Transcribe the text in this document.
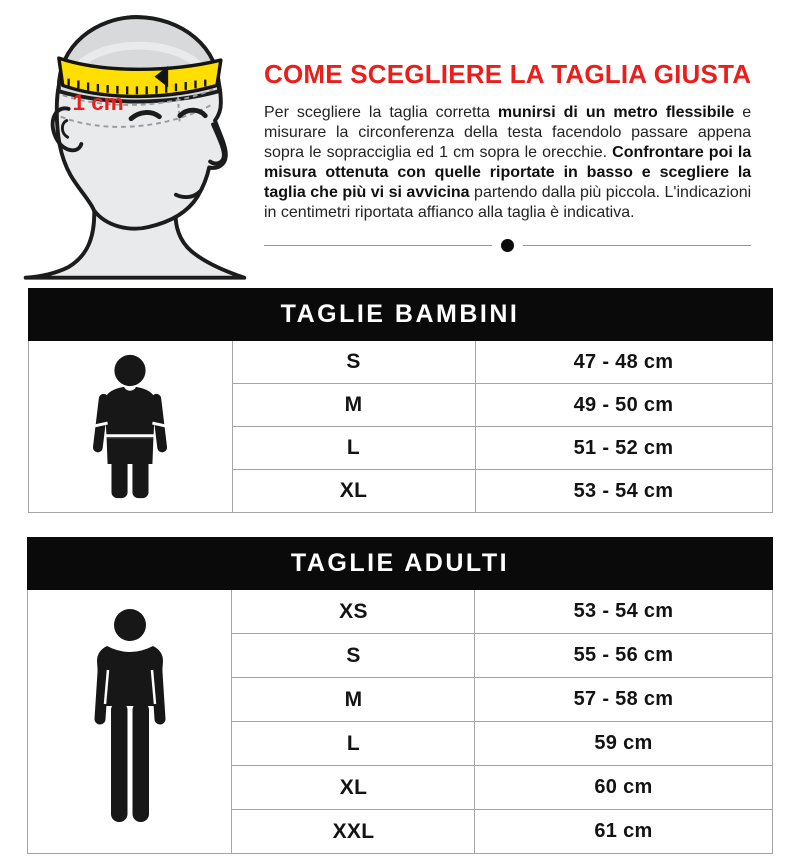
1 cm
COME SCEGLIERE LA TAGLIA GIUSTA

Per scegliere la taglia corretta munirsi di un metro flessibile e misurare la circonferenza della testa facendolo passare appena sopra le sopracciglia ed 1 cm sopra le orecchie. Confrontare poi la misura ottenuta con quelle riportate in basso e scegliere la taglia che più vi si avvicina partendo dalla più piccola. L'indicazioni in centimetri riportata affianco alla taglia è indicativa.

TAGLIE BAMBINI		

	S	47 - 48 cm
	M	49 - 50 cm
	L	51 - 52 cm
	XL	53 - 54 cm
TAGLIE ADULTI		

	XS	53 - 54 cm
	S	55 - 56 cm
	M	57 - 58 cm
	L	59 cm
	XL	60 cm
	XXL	61 cm
